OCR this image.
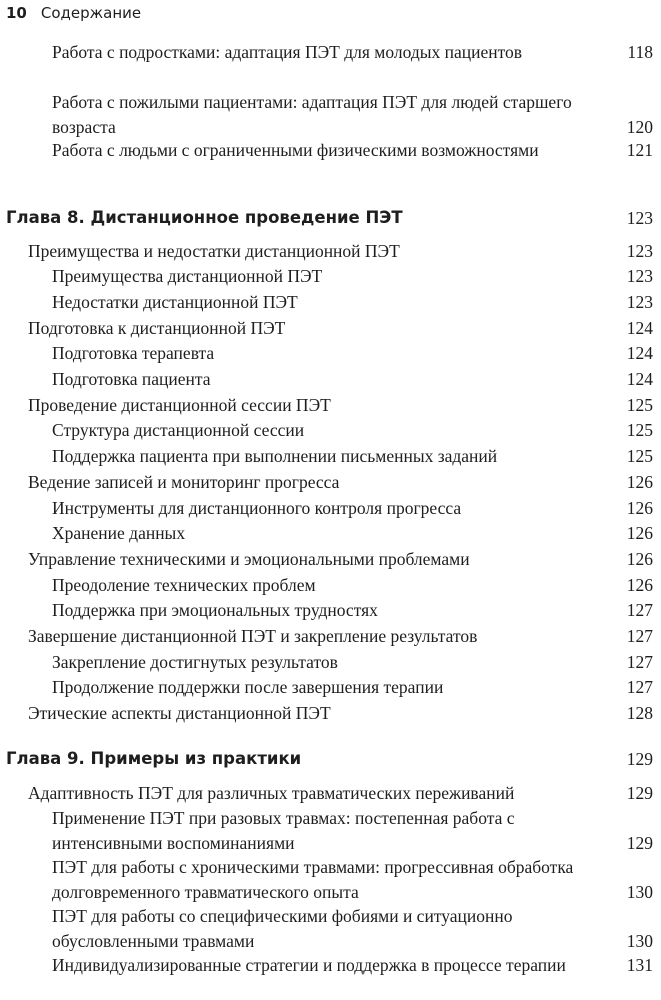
10 Содержание
Работа с подростками: адаптация ПЭТ для молодых пациентов	118
Работа с пожилыми пациентами: адаптация ПЭТ для людей старшего возраста	120
Работа с людьми с ограниченными физическими возможностями	121
Глава 8. Дистанционное проведение ПЭТ	123
Преимущества и недостатки дистанционной ПЭТ	123
Преимущества дистанционной ПЭТ	123
Недостатки дистанционной ПЭТ	123
Подготовка к дистанционной ПЭТ	124
Подготовка терапевта	124
Подготовка пациента	124
Проведение дистанционной сессии ПЭТ	125
Структура дистанционной сессии	125
Поддержка пациента при выполнении письменных заданий	125
Ведение записей и мониторинг прогресса	126
Инструменты для дистанционного контроля прогресса	126
Хранение данных	126
Управление техническими и эмоциональными проблемами	126
Преодоление технических проблем	126
Поддержка при эмоциональных трудностях	127
Завершение дистанционной ПЭТ и закрепление результатов	127
Закрепление достигнутых результатов	127
Продолжение поддержки после завершения терапии	127
Этические аспекты дистанционной ПЭТ	128
Глава 9. Примеры из практики	129
Адаптивность ПЭТ для различных травматических переживаний	129
Применение ПЭТ при разовых травмах: постепенная работа с интенсивными воспоминаниями	129
ПЭТ для работы с хроническими травмами: прогрессивная обработка долговременного травматического опыта	130
ПЭТ для работы со специфическими фобиями и ситуационно обусловленными травмами	130
Индивидуализированные стратегии и поддержка в процессе терапии	131
